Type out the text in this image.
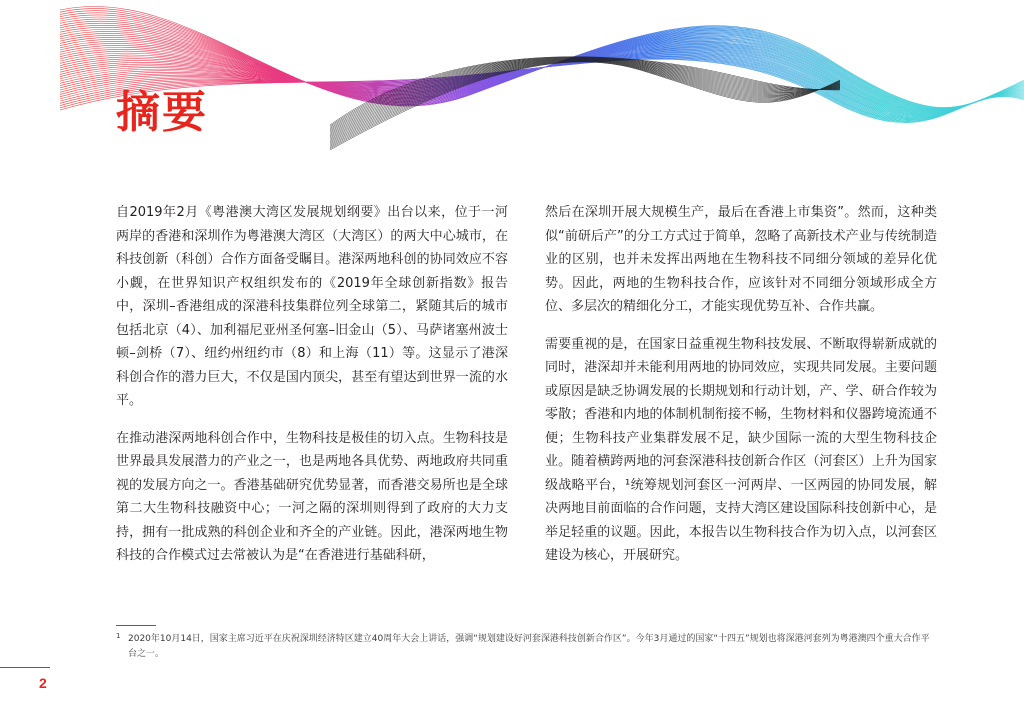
摘要

自2019年2月《粤港澳大湾区发展规划纲要》出台以来，位于一河两岸的香港和深圳作为粤港澳大湾区（大湾区）的两大中心城市，在科技创新（科创）合作方面备受瞩目。港深两地科创的协同效应不容小觑，在世界知识产权组织发布的《2019年全球创新指数》报告中，深圳–香港组成的深港科技集群位列全球第二，紧随其后的城市包括北京（4）、加利福尼亚州圣何塞–旧金山（5）、马萨诸塞州波士顿–剑桥（7）、纽约州纽约市（8）和上海（11）等。这显示了港深科创合作的潜力巨大，不仅是国内顶尖，甚至有望达到世界一流的水平。

在推动港深两地科创合作中，生物科技是极佳的切入点。生物科技是世界最具发展潜力的产业之一，也是两地各具优势、两地政府共同重视的发展方向之一。香港基础研究优势显著，而香港交易所也是全球第二大生物科技融资中心；一河之隔的深圳则得到了政府的大力支持，拥有一批成熟的科创企业和齐全的产业链。因此，港深两地生物科技的合作模式过去常被认为是“在香港进行基础科研，

然后在深圳开展大规模生产，最后在香港上市集资”。然而，这种类似“前研后产”的分工方式过于简单，忽略了高新技术产业与传统制造业的区别，也并未发挥出两地在生物科技不同细分领域的差异化优势。因此，两地的生物科技合作，应该针对不同细分领域形成全方位、多层次的精细化分工，才能实现优势互补、合作共赢。

需要重视的是，在国家日益重视生物科技发展、不断取得崭新成就的同时，港深却并未能利用两地的协同效应，实现共同发展。主要问题或原因是缺乏协调发展的长期规划和行动计划，产、学、研合作较为零散；香港和内地的体制机制衔接不畅，生物材料和仪器跨境流通不便；生物科技产业集群发展不足，缺少国际一流的大型生物科技企业。随着横跨两地的河套深港科技创新合作区（河套区）上升为国家级战略平台，¹统筹规划河套区一河两岸、一区两园的协同发展，解决两地目前面临的合作问题，支持大湾区建设国际科技创新中心，是举足轻重的议题。因此，本报告以生物科技合作为切入点，以河套区建设为核心，开展研究。

1 2020年10月14日，国家主席习近平在庆祝深圳经济特区建立40周年大会上讲话，强调“规划建设好河套深港科技创新合作区”。今年3月通过的国家“十四五”规划也将深港河套列为粤港澳四个重大合作平台之一。
2
